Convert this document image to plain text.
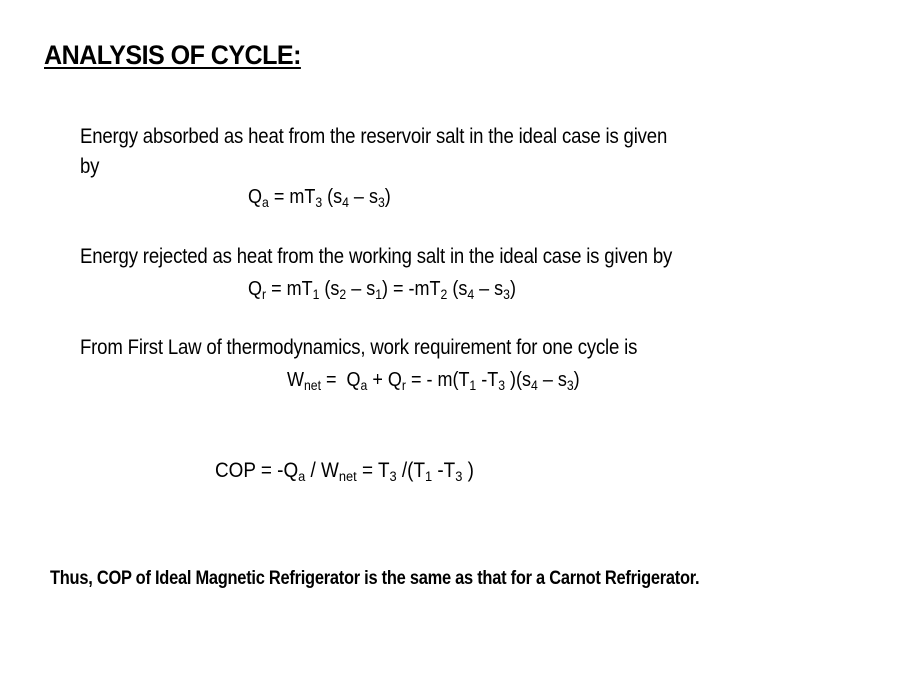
ANALYSIS OF CYCLE:
Energy absorbed as heat from the reservoir salt in the ideal case is given
by
$Q_a = mT_3$ $(s_4 - s_3)$
Energy rejected as heat from the working salt in the ideal case is given by
$Q_r = mT_1$ $(s_2 - s_1) = -mT_2$ $(s_4 - s_3)$
From First Law of thermodynamics, work requirement for one cycle is
$W_{net} = Q_a + Q_r$ = - $m(T_1$ $-T_3$ )$(s_4 - s_3)$
COP = $-Q_a / W_{net} = T_3$ $/(T_1$ $-T_3$ )
Thus, COP of Ideal Magnetic Refrigerator is the same as that for a Carnot Refrigerator.
